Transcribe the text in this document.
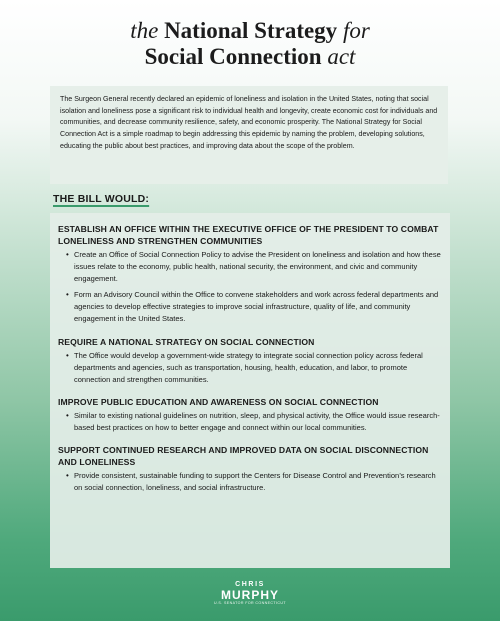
the National Strategy for
Social Connection act
The Surgeon General recently declared an epidemic of loneliness and isolation in the United States, noting that social isolation and loneliness pose a significant risk to individual health and longevity, create economic cost for individuals and communities, and decrease community resilience, safety, and economic prosperity. The National Strategy for Social Connection Act is a simple roadmap to begin addressing this epidemic by naming the problem, developing solutions, educating the public about best practices, and improving data about the scope of the problem.
THE BILL WOULD:
ESTABLISH AN OFFICE WITHIN THE EXECUTIVE OFFICE OF THE PRESIDENT TO COMBAT LONELINESS AND STRENGTHEN COMMUNITIES
• Create an Office of Social Connection Policy to advise the President on loneliness and isolation and how these issues relate to the economy, public health, national security, the environment, and civic and community engagement.
• Form an Advisory Council within the Office to convene stakeholders and work across federal departments and agencies to develop effective strategies to improve social infrastructure, quality of life, and community engagement in the United States.
REQUIRE A NATIONAL STRATEGY ON SOCIAL CONNECTION
• The Office would develop a government-wide strategy to integrate social connection policy across federal departments and agencies, such as transportation, housing, health, education, and labor, to promote connection and strengthen communities.
IMPROVE PUBLIC EDUCATION AND AWARENESS ON SOCIAL CONNECTION
• Similar to existing national guidelines on nutrition, sleep, and physical activity, the Office would issue research-based best practices on how to better engage and connect within our local communities.
SUPPORT CONTINUED RESEARCH AND IMPROVED DATA ON SOCIAL DISCONNECTION AND LONELINESS
• Provide consistent, sustainable funding to support the Centers for Disease Control and Prevention’s research on social connection, loneliness, and social infrastructure.
CHRIS
MURPHY
U.S. SENATOR FOR CONNECTICUT
